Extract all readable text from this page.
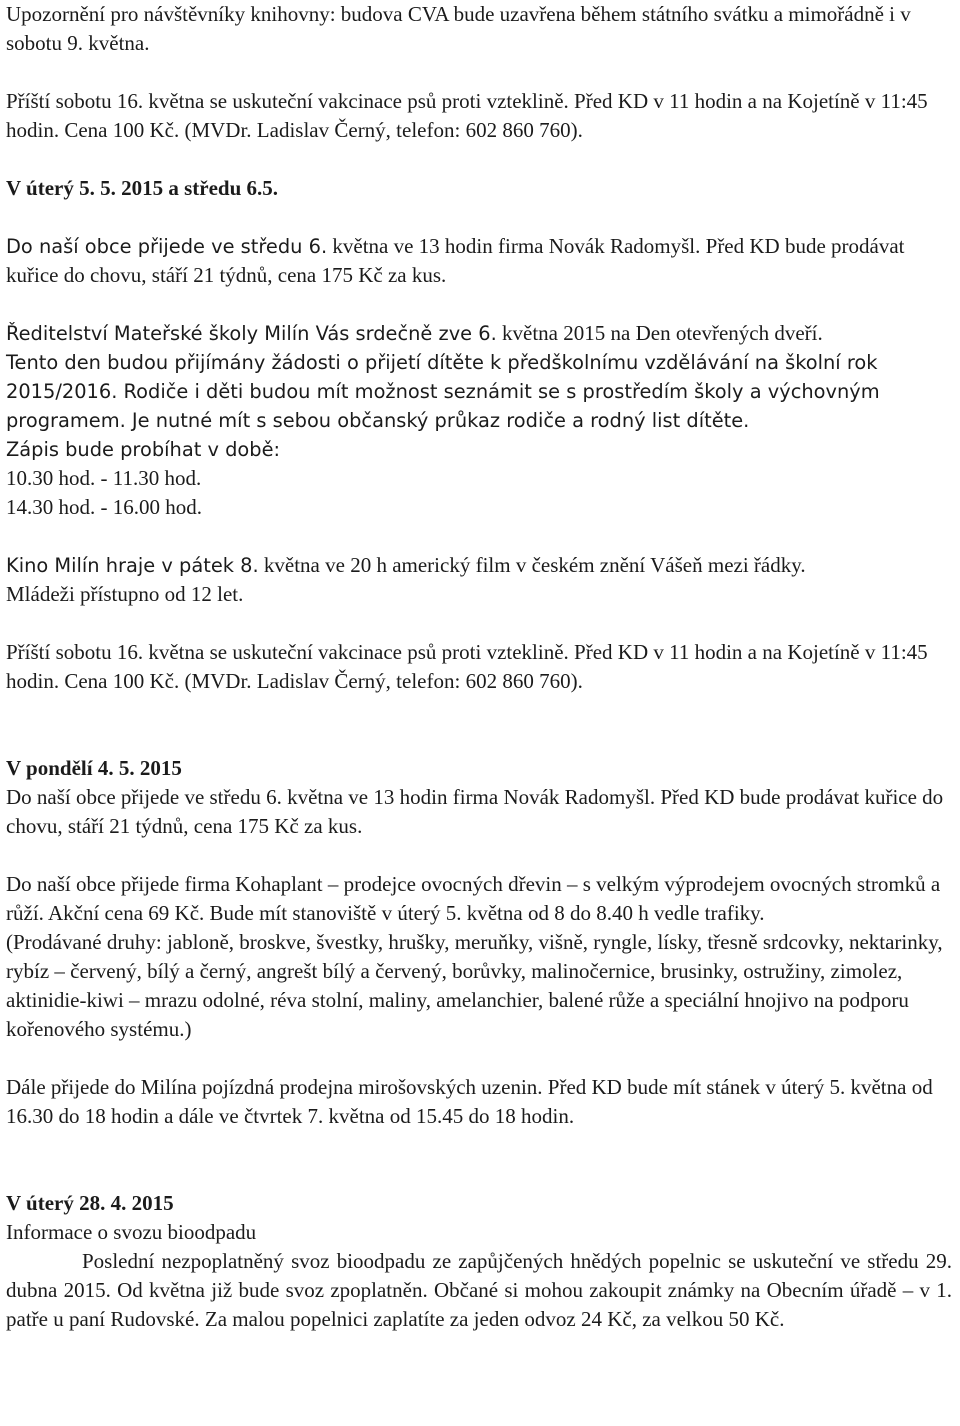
Upozornění pro návštěvníky knihovny: budova CVA bude uzavřena během státního svátku a mimořádně i v sobotu 9. května.

Příští sobotu 16. května se uskuteční vakcinace psů proti vzteklině. Před KD v 11 hodin a na Kojetíně v 11:45 hodin. Cena 100 Kč. (MVDr. Ladislav Černý, telefon: 602 860 760).

V úterý 5. 5. 2015 a středu 6.5.

Do naší obce přijede ve středu 6. května ve 13 hodin firma Novák Radomyšl. Před KD bude prodávat kuřice do chovu, stáří 21 týdnů, cena 175 Kč za kus.

Ředitelství Mateřské školy Milín Vás srdečně zve 6. května 2015 na Den otevřených dveří.

Tento den budou přijímány žádosti o přijetí dítěte k předškolnímu vzdělávání na školní rok 2015/2016. Rodiče i děti budou mít možnost seznámit se s prostředím školy a výchovným programem. Je nutné mít s sebou občanský průkaz rodiče a rodný list dítěte.

Zápis bude probíhat v době:

10.30 hod. - 11.30 hod.

14.30 hod. - 16.00 hod.

Kino Milín hraje v pátek 8. května ve 20 h americký film v českém znění Vášeň mezi řádky.

Mládeži přístupno od 12 let.

Příští sobotu 16. května se uskuteční vakcinace psů proti vzteklině. Před KD v 11 hodin a na Kojetíně v 11:45 hodin. Cena 100 Kč. (MVDr. Ladislav Černý, telefon: 602 860 760).

V pondělí 4. 5. 2015

Do naší obce přijede ve středu 6. května ve 13 hodin firma Novák Radomyšl. Před KD bude prodávat kuřice do chovu, stáří 21 týdnů, cena 175 Kč za kus.

Do naší obce přijede firma Kohaplant – prodejce ovocných dřevin – s velkým výprodejem ovocných stromků a růží. Akční cena 69 Kč. Bude mít stanoviště v úterý 5. května od 8 do 8.40 h vedle trafiky.

(Prodávané druhy: jabloně, broskve, švestky, hrušky, meruňky, višně, ryngle, lísky, třesně srdcovky, nektarinky, rybíz – červený, bílý a černý, angrešt bílý a červený, borůvky, malinočernice, brusinky, ostružiny, zimolez, aktinidie-kiwi – mrazu odolné, réva stolní, maliny, amelanchier, balené růže a speciální hnojivo na podporu kořenového systému.)

Dále přijede do Milína pojízdná prodejna mirošovských uzenin. Před KD bude mít stánek v úterý 5. května od 16.30 do 18 hodin a dále ve čtvrtek 7. května od 15.45 do 18 hodin.

V úterý 28. 4. 2015

Informace o svozu bioodpadu

Poslední nezpoplatněný svoz bioodpadu ze zapůjčených hnědých popelnic se uskuteční ve středu 29. dubna 2015. Od května již bude svoz zpoplatněn. Občané si mohou zakoupit známky na Obecním úřadě – v 1. patře u paní Rudovské. Za malou popelnici zaplatíte za jeden odvoz 24 Kč, za velkou 50 Kč.
